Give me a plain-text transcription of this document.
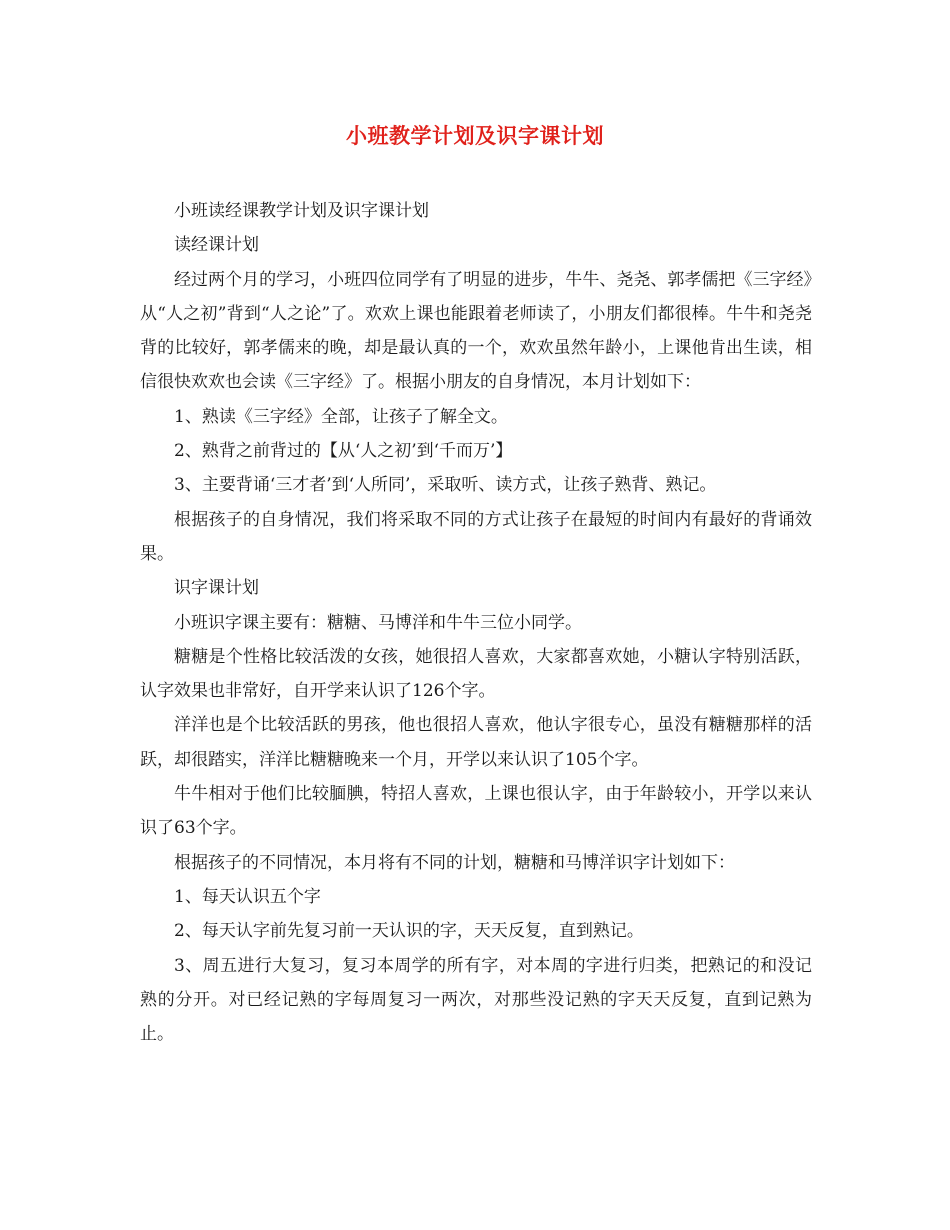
小班教学计划及识字课计划

小班读经课教学计划及识字课计划

读经课计划

经过两个月的学习，小班四位同学有了明显的进步，牛牛、尧尧、郭孝儒把《三字经》从“人之初”背到“人之论”了。欢欢上课也能跟着老师读了，小朋友们都很棒。牛牛和尧尧背的比较好，郭孝儒来的晚，却是最认真的一个，欢欢虽然年龄小，上课他肯出生读，相信很快欢欢也会读《三字经》了。根据小朋友的自身情况，本月计划如下：

1、熟读《三字经》全部，让孩子了解全文。

2、熟背之前背过的【从‘人之初’到‘千而万’】

3、主要背诵‘三才者’到‘人所同’，采取听、读方式，让孩子熟背、熟记。

根据孩子的自身情况，我们将采取不同的方式让孩子在最短的时间内有最好的背诵效果。

识字课计划

小班识字课主要有：糖糖、马博洋和牛牛三位小同学。

糖糖是个性格比较活泼的女孩，她很招人喜欢，大家都喜欢她，小糖认字特别活跃，认字效果也非常好，自开学来认识了126个字。

洋洋也是个比较活跃的男孩，他也很招人喜欢，他认字很专心，虽没有糖糖那样的活跃，却很踏实，洋洋比糖糖晚来一个月，开学以来认识了105个字。

牛牛相对于他们比较腼腆，特招人喜欢，上课也很认字，由于年龄较小，开学以来认识了63个字。

根据孩子的不同情况，本月将有不同的计划，糖糖和马博洋识字计划如下：

1、每天认识五个字

2、每天认字前先复习前一天认识的字，天天反复，直到熟记。

3、周五进行大复习，复习本周学的所有字，对本周的字进行归类，把熟记的和没记熟的分开。对已经记熟的字每周复习一两次，对那些没记熟的字天天反复，直到记熟为止。
